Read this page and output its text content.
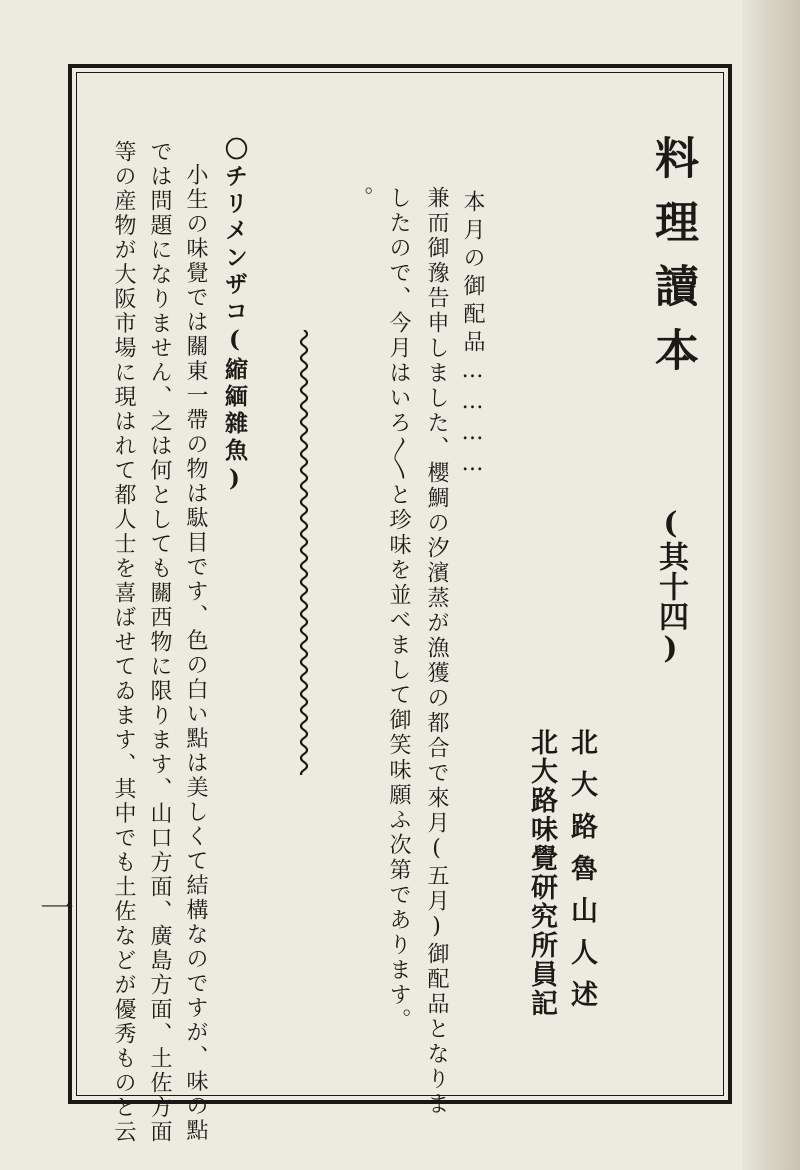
一
料理讀本
(其十四)
北大路魯山人述
北大路味覺研究所員記
本月の御配品…………
兼而御豫告申しました、櫻鯛の汐濱蒸が漁獲の都合で來月(五月)御配品となりま
したので、今月はいろ〳〵と珍味を並べまして御笑味願ふ次第であります。
。
〇チリメンザコ(縮緬雜魚)
小生の味覺では關東一帶の物は駄目です、色の白い點は美しくて結構なのですが、味の點
では問題になりません、之は何としても關西物に限ります、山口方面、廣島方面、土佐方面
等の産物が大阪市場に現はれて都人士を喜ばせてゐます、其中でも土佐などが優秀ものと云
